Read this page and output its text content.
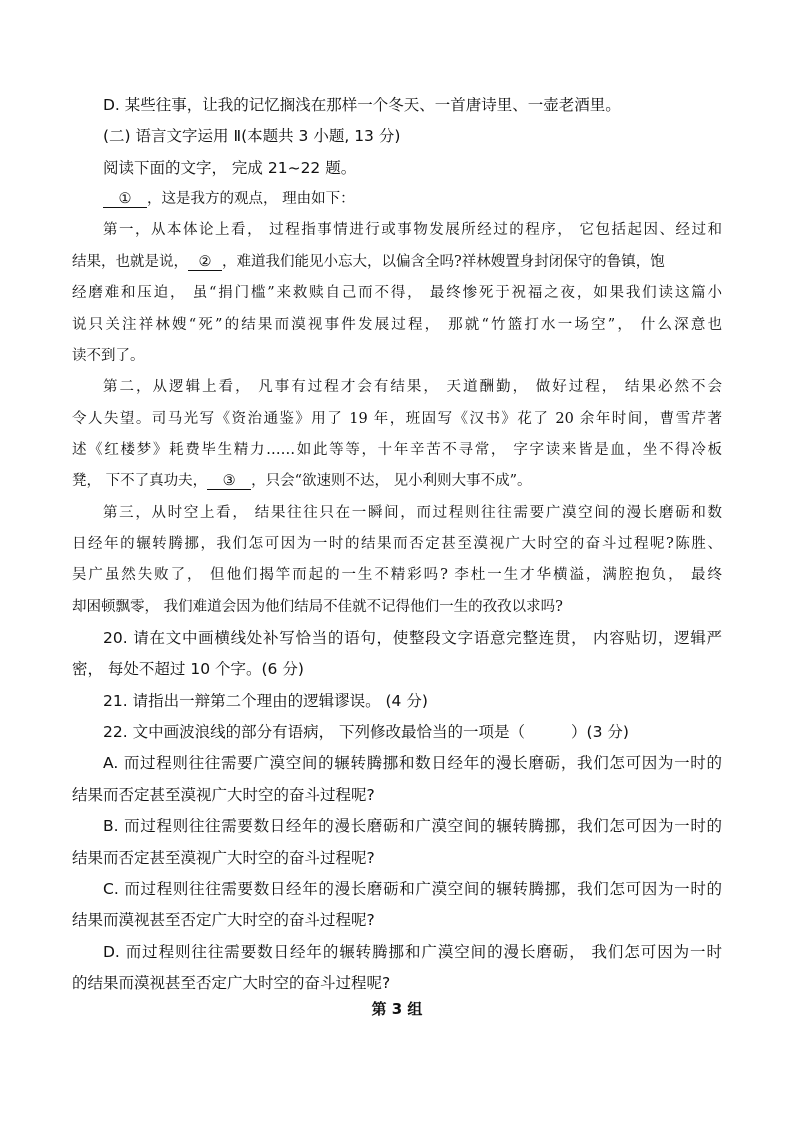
D. 某些往事，让我的记忆搁浅在那样一个冬天、一首唐诗里、一壶老酒里。
(二) 语言文字运用 Ⅱ(本题共 3 小题, 13 分)
阅读下面的文字， 完成 21~22 题。
① ，这是我方的观点， 理由如下：
第一，从本体论上看， 过程指事情进行或事物发展所经过的程序， 它包括起因、经过和
结果，也就是说， ② ，难道我们能见小忘大，以偏含全吗?祥林嫂置身封闭保守的鲁镇，饱
经磨难和压迫， 虽“捐门槛”来救赎自己而不得， 最终惨死于祝福之夜，如果我们读这篇小
说只关注祥林嫂“死”的结果而漠视事件发展过程， 那就“竹篮打水一场空”， 什么深意也
读不到了。
第二，从逻辑上看， 凡事有过程才会有结果， 天道酬勤， 做好过程， 结果必然不会
令人失望。司马光写《资治通鉴》用了 19 年，班固写《汉书》花了 20 余年时间，曹雪芹著
述《红楼梦》耗费毕生精力……如此等等，十年辛苦不寻常， 字字读来皆是血，坐不得冷板
凳， 下不了真功夫， ③ ，只会“欲速则不达， 见小利则大事不成”。
第三，从时空上看， 结果往往只在一瞬间，而过程则往往需要广漠空间的漫长磨砺和数
日经年的辗转腾挪，我们怎可因为一时的结果而否定甚至漠视广大时空的奋斗过程呢?陈胜、
吴广虽然失败了， 但他们揭竿而起的一生不精彩吗? 李杜一生才华横溢，满腔抱负， 最终
却困顿飘零， 我们难道会因为他们结局不佳就不记得他们一生的孜孜以求吗?
20. 请在文中画横线处补写恰当的语句，使整段文字语意完整连贯， 内容贴切，逻辑严
密， 每处不超过 10 个字。(6 分)
21. 请指出一辩第二个理由的逻辑谬误。 (4 分)
22. 文中画波浪线的部分有语病， 下列修改最恰当的一项是（	）(3 分)
A. 而过程则往往需要广漠空间的辗转腾挪和数日经年的漫长磨砺，我们怎可因为一时的
结果而否定甚至漠视广大时空的奋斗过程呢?
B. 而过程则往往需要数日经年的漫长磨砺和广漠空间的辗转腾挪，我们怎可因为一时的
结果而否定甚至漠视广大时空的奋斗过程呢?
C. 而过程则往往需要数日经年的漫长磨砺和广漠空间的辗转腾挪，我们怎可因为一时的
结果而漠视甚至否定广大时空的奋斗过程呢?
D. 而过程则往往需要数日经年的辗转腾挪和广漠空间的漫长磨砺， 我们怎可因为一时
的结果而漠视甚至否定广大时空的奋斗过程呢?
第 3 组
